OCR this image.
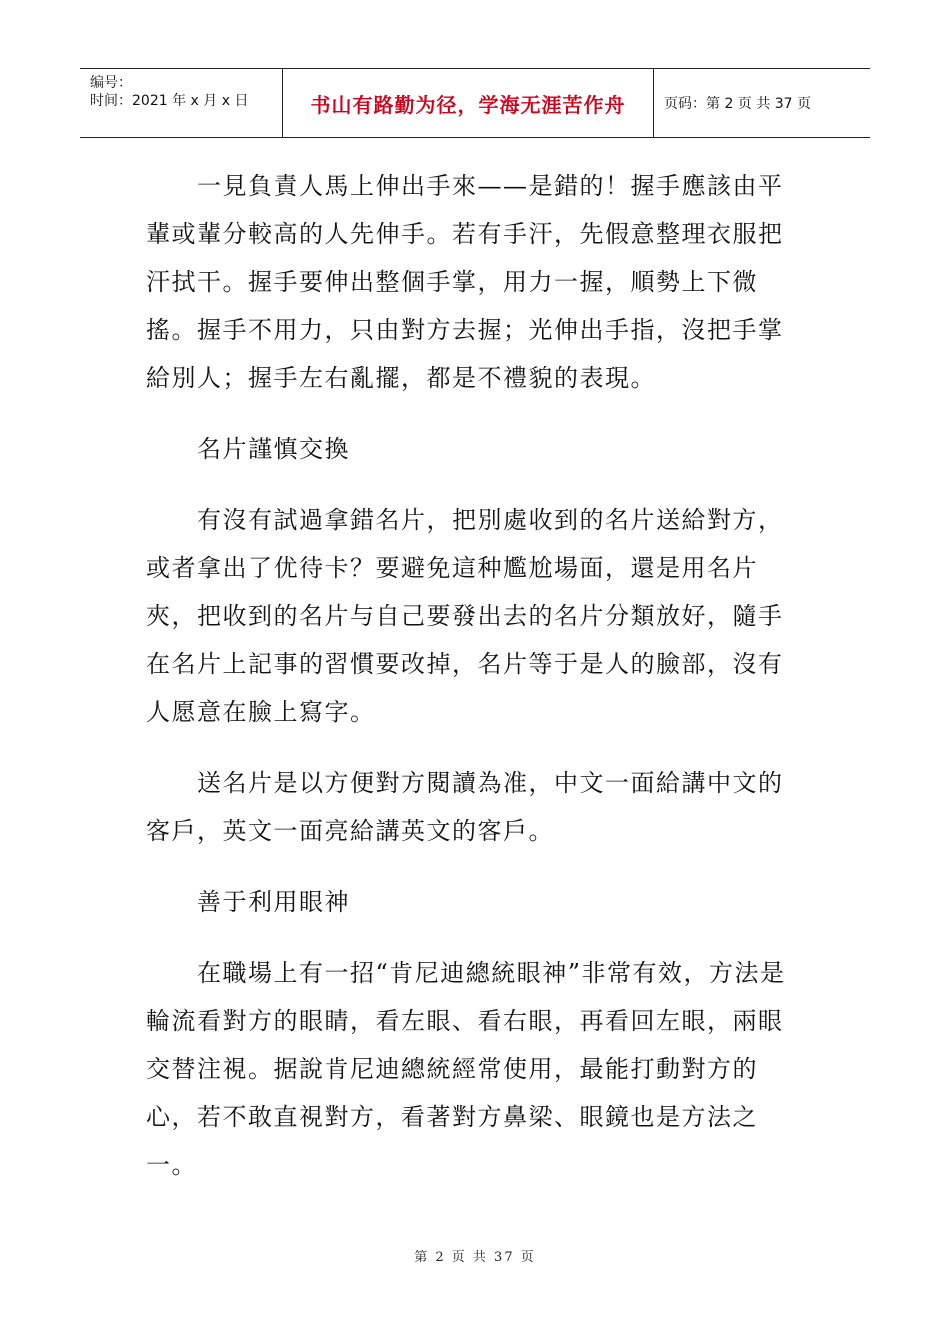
编号：
时间：2021 年 x 月 x 日	书山有路勤为径，学海无涯苦作舟	页码：第 2 页 共 37 页

一見負責人馬上伸出手來——是錯的！握手應該由平輩或輩分較高的人先伸手。若有手汗，先假意整理衣服把汗拭干。握手要伸出整個手掌，用力一握，順勢上下微搖。握手不用力，只由對方去握；光伸出手指，沒把手掌給別人；握手左右亂擺，都是不禮貌的表現。

名片謹慎交換

有沒有試過拿錯名片，把別處收到的名片送給對方，或者拿出了优待卡？要避免這种尷尬場面，還是用名片夾，把收到的名片与自己要發出去的名片分類放好，隨手在名片上記事的習慣要改掉，名片等于是人的臉部，沒有人愿意在臉上寫字。

送名片是以方便對方閱讀為准，中文一面給講中文的客戶，英文一面亮給講英文的客戶。

善于利用眼神

在職場上有一招“肯尼迪總統眼神”非常有效，方法是輪流看對方的眼睛，看左眼、看右眼，再看回左眼，兩眼交替注視。据說肯尼迪總統經常使用，最能打動對方的心，若不敢直視對方，看著對方鼻梁、眼鏡也是方法之一。

第 2 页 共 37 页
